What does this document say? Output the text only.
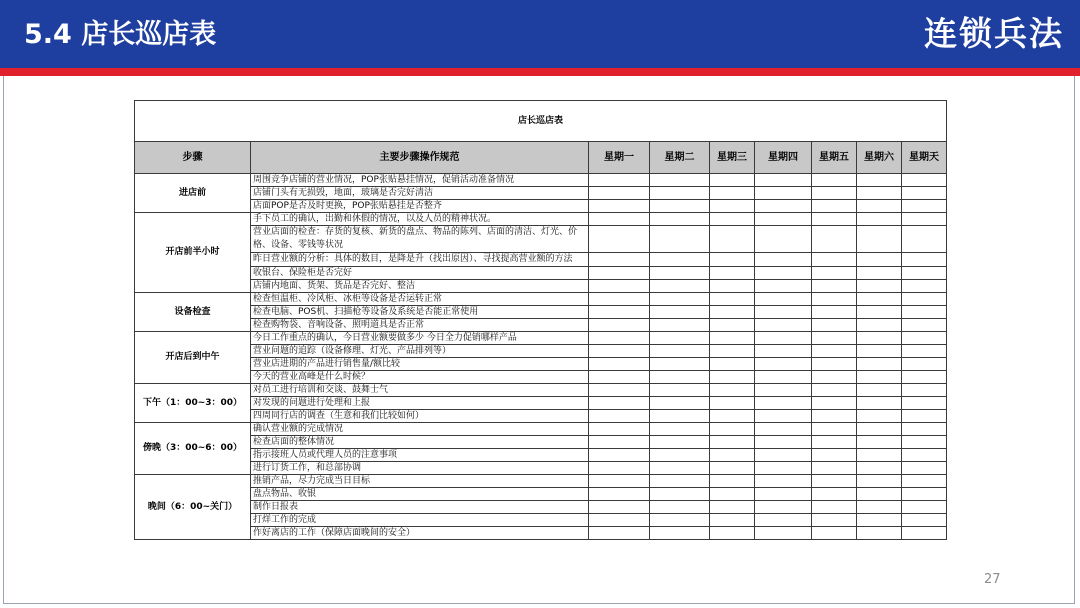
5.4 店长巡店表	连锁兵法
店长巡店表								
步骤	主要步骤操作规范	星期一	星期二	星期三	星期四	星期五	星期六	星期天
进店前	周围竞争店铺的营业情况，POP张贴悬挂情况，促销活动准备情况							
	店铺门头有无损毁，地面，玻璃是否完好清洁							
	店面POP是否及时更换，POP张贴悬挂是否整齐							
开店前半小时	手下员工的确认，出勤和休假的情况，以及人员的精神状况。							
	营业店面的检查：存货的复核、新货的盘点、物品的陈列、店面的清洁、灯光、价格、设备、零钱等状况							
	昨日营业额的分析：具体的数目，是降是升（找出原因）、寻找提高营业额的方法							
	收银台、保险柜是否完好							
	店铺内地面、货架、货品是否完好、整洁							
设备检查	检查恒温柜、冷风柜、冰柜等设备是否运转正常							
	检查电脑、POS机、扫描枪等设备及系统是否能正常使用							
	检查购物袋、音响设备、照明道具是否正常							
开店后到中午	今日工作重点的确认，今日营业额要做多少 今日全力促销哪样产品							
	营业问题的追踪（设备修理、灯光、产品排列等）							
	营业店进期的产品进行销售量/额比较							
	今天的营业高峰是什么时候？							
下午（1：00~3：00）	对员工进行培训和交谈、鼓舞士气							
	对发现的问题进行处理和上报							
	四周同行店的调查（生意和我们比较如何）							
傍晚（3：00~6：00）	确认营业额的完成情况							
	检查店面的整体情况							
	指示接班人员或代理人员的注意事项							
	进行订货工作，和总部协调							
晚间（6：00~关门）	推销产品，尽力完成当日目标							
	盘点物品、收银							
	制作日报表							
	打烊工作的完成							
	作好离店的工作（保障店面晚间的安全）							
27
